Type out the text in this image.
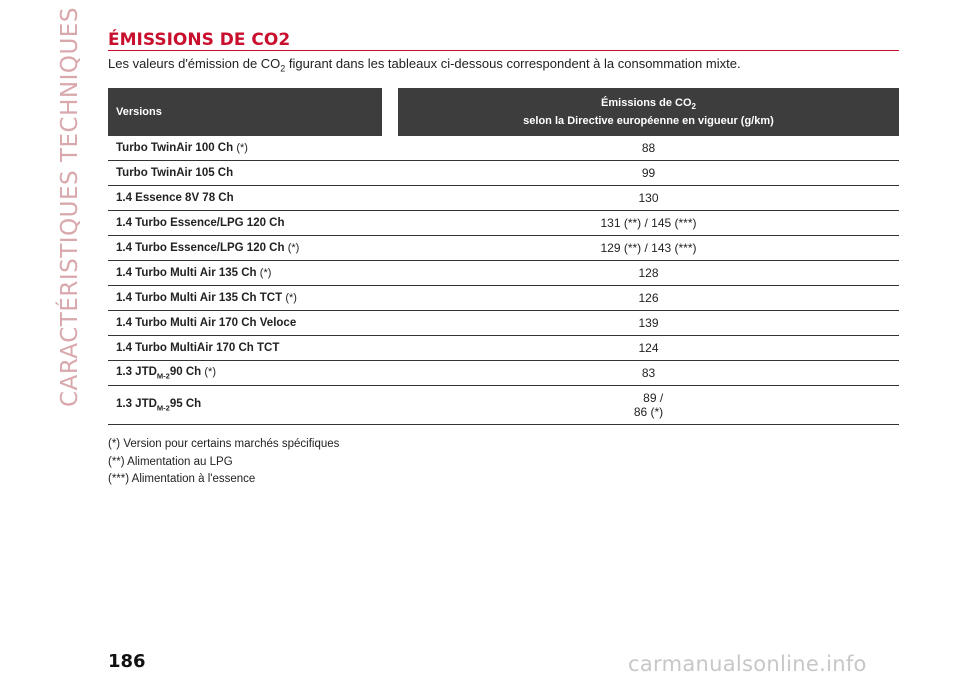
CARACTÉRISTIQUES TECHNIQUES ÉMISSIONS DE CO2
Les valeurs d'émission de $CO_2$ figurant dans les tableaux ci-dessous correspondent à la consommation mixte.
Versions		Émissions de $CO_2$
selon la Directive européenne en vigueur (g/km)
Turbo TwinAir 100 Ch (*)		88
Turbo TwinAir 105 Ch		99
1.4 Essence 8V 78 Ch		130
1.4 Turbo Essence/LPG 120 Ch		131 (**) / 145 (***)
1.4 Turbo Essence/LPG 120 Ch (*)		129 (**) / 143 (***)
1.4 Turbo Multi Air 135 Ch (*)		128
1.4 Turbo Multi Air 135 Ch TCT (*)		126
1.4 Turbo Multi Air 170 Ch Veloce		139
1.4 Turbo MultiAir 170 Ch TCT		124
1.3 $JTD_{M-2}90$ Ch (*)		83
1.3 $JTD_{M-2}95$ Ch		89 /
86 (*)
(*) Version pour certains marchés spécifiques
(**) Alimentation au LPG
(***) Alimentation à l'essence
186	carmanualsonline.info
